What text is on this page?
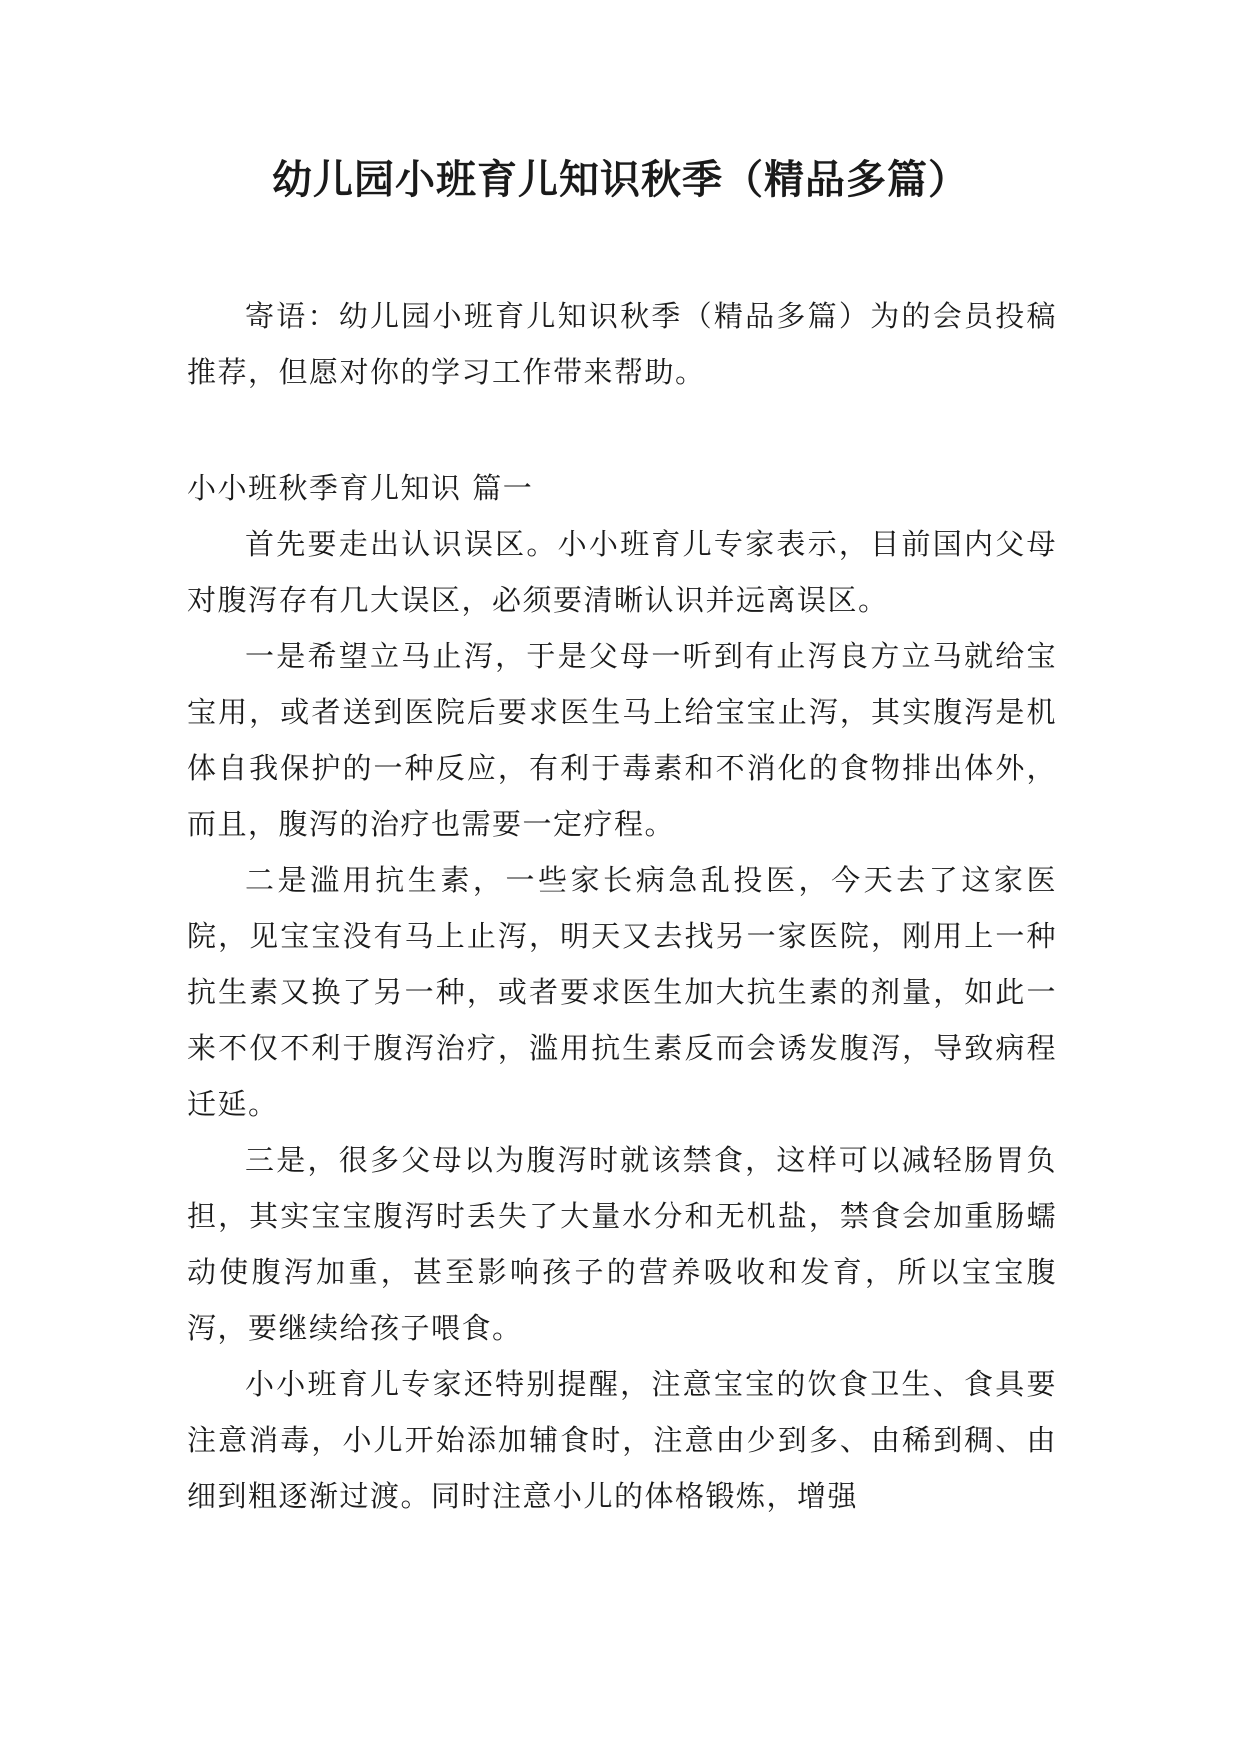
幼儿园小班育儿知识秋季（精品多篇）

寄语：幼儿园小班育儿知识秋季（精品多篇）为的会员投稿推荐，但愿对你的学习工作带来帮助。

小小班秋季育儿知识 篇一

首先要走出认识误区。小小班育儿专家表示，目前国内父母对腹泻存有几大误区，必须要清晰认识并远离误区。

一是希望立马止泻，于是父母一听到有止泻良方立马就给宝宝用，或者送到医院后要求医生马上给宝宝止泻，其实腹泻是机体自我保护的一种反应，有利于毒素和不消化的食物排出体外，而且，腹泻的治疗也需要一定疗程。

二是滥用抗生素，一些家长病急乱投医，今天去了这家医院，见宝宝没有马上止泻，明天又去找另一家医院，刚用上一种抗生素又换了另一种，或者要求医生加大抗生素的剂量，如此一来不仅不利于腹泻治疗，滥用抗生素反而会诱发腹泻，导致病程迁延。

三是，很多父母以为腹泻时就该禁食，这样可以减轻肠胃负担，其实宝宝腹泻时丢失了大量水分和无机盐，禁食会加重肠蠕动使腹泻加重，甚至影响孩子的营养吸收和发育，所以宝宝腹泻，要继续给孩子喂食。

小小班育儿专家还特别提醒，注意宝宝的饮食卫生、食具要注意消毒，小儿开始添加辅食时，注意由少到多、由稀到稠、由细到粗逐渐过渡。同时注意小儿的体格锻炼，增强
